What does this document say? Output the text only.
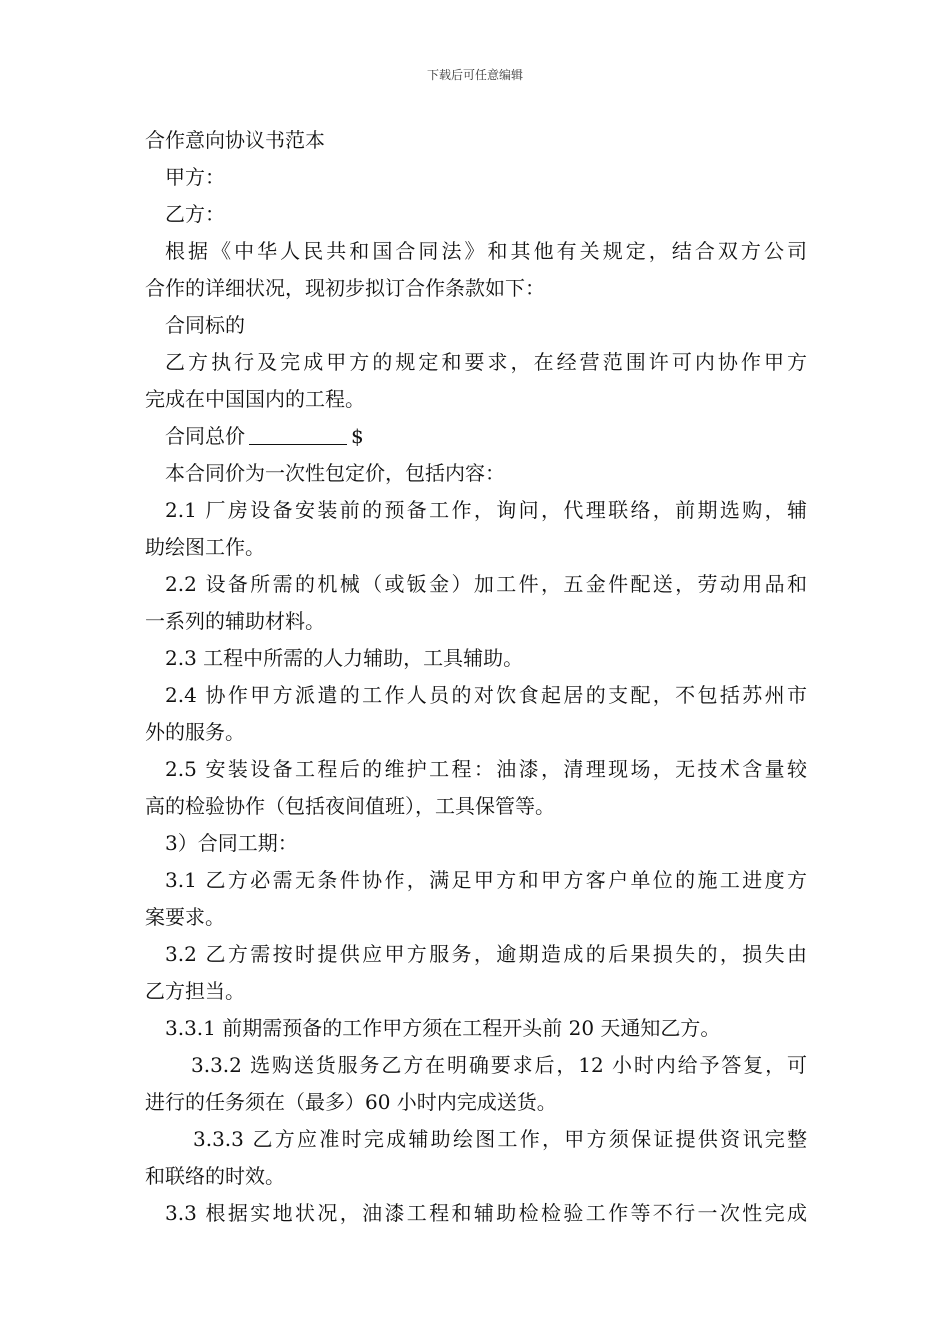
下载后可任意编辑

合作意向协议书范本

甲方：

乙方：

根据《中华人民共和国合同法》和其他有关规定，结合双方公司

合作的详细状况，现初步拟订合作条款如下：

合同标的

乙方执行及完成甲方的规定和要求，在经营范围许可内协作甲方

完成在中国国内的工程。

合同总价	$

本合同价为一次性包定价，包括内容：

2.1 厂房设备安装前的预备工作，询问，代理联络，前期选购，辅

助绘图工作。

2.2 设备所需的机械（或钣金）加工件，五金件配送，劳动用品和

一系列的辅助材料。

2.3 工程中所需的人力辅助，工具辅助。

2.4 协作甲方派遣的工作人员的对饮食起居的支配，不包括苏州市

外的服务。

2.5 安装设备工程后的维护工程：油漆，清理现场，无技术含量较

高的检验协作（包括夜间值班），工具保管等。

3）合同工期：

3.1 乙方必需无条件协作，满足甲方和甲方客户单位的施工进度方

案要求。

3.2 乙方需按时提供应甲方服务，逾期造成的后果损失的，损失由

乙方担当。

3.3.1 前期需预备的工作甲方须在工程开头前 20 天通知乙方。

3.3.2 选购送货服务乙方在明确要求后，12 小时内给予答复，可

进行的任务须在（最多）60 小时内完成送货。

3.3.3 乙方应准时完成辅助绘图工作，甲方须保证提供资讯完整

和联络的时效。

3.3 根据实地状况，油漆工程和辅助检检验工作等不行一次性完成
